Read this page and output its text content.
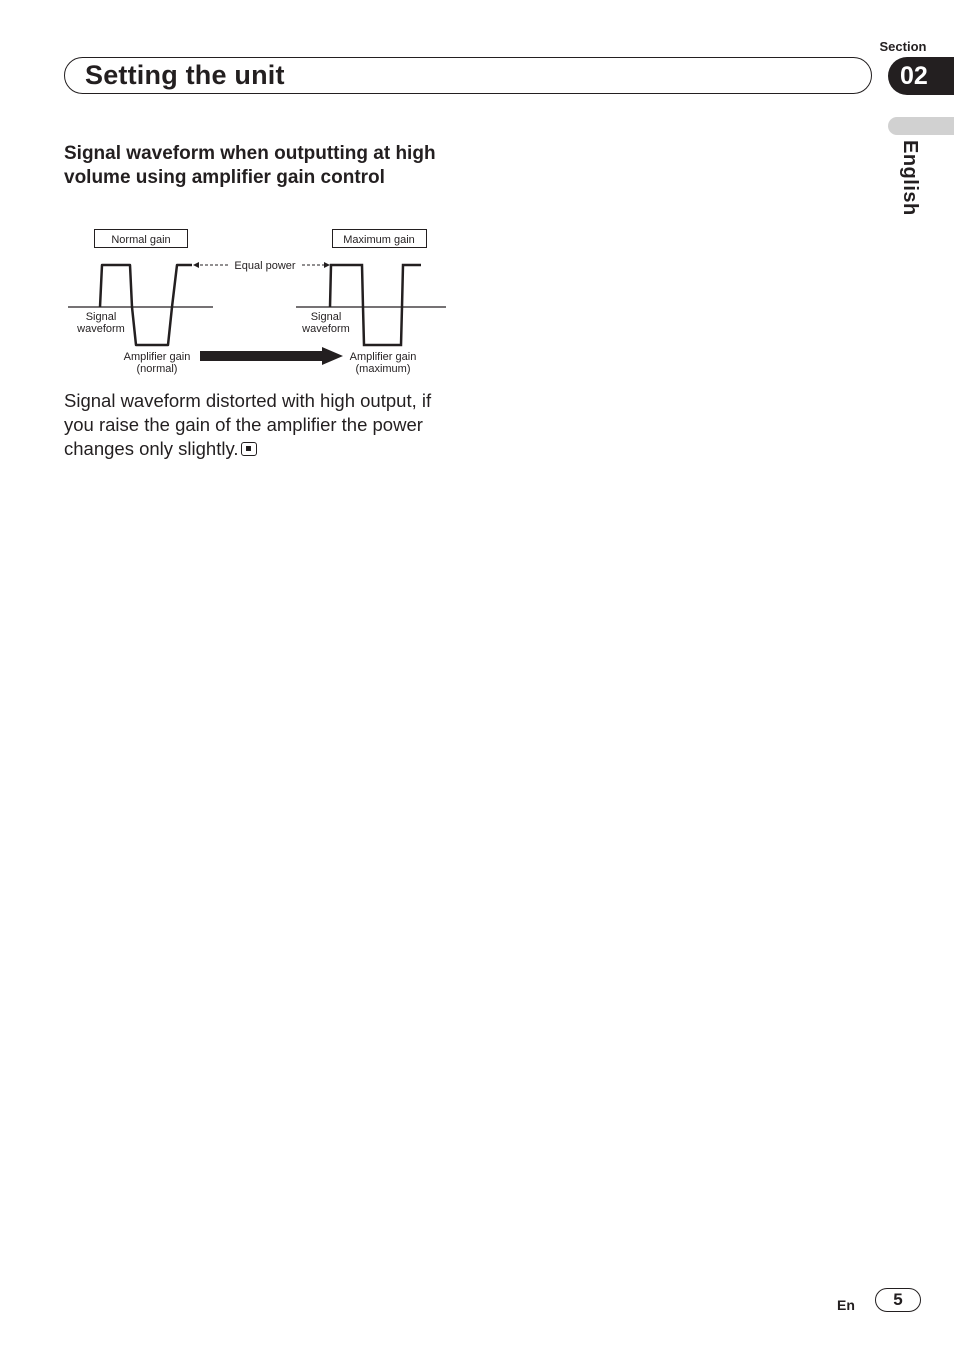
Section
Setting the unit	02
English
Signal waveform when outputting at high volume using amplifier gain control
Normal gain	Maximum gain
Equal power
Signal
waveform
Signal
waveform
Amplifier gain
(normal)
Amplifier gain
(maximum)
Signal waveform distorted with high output, if you raise the gain of the amplifier the power changes only slightly.
En	5
